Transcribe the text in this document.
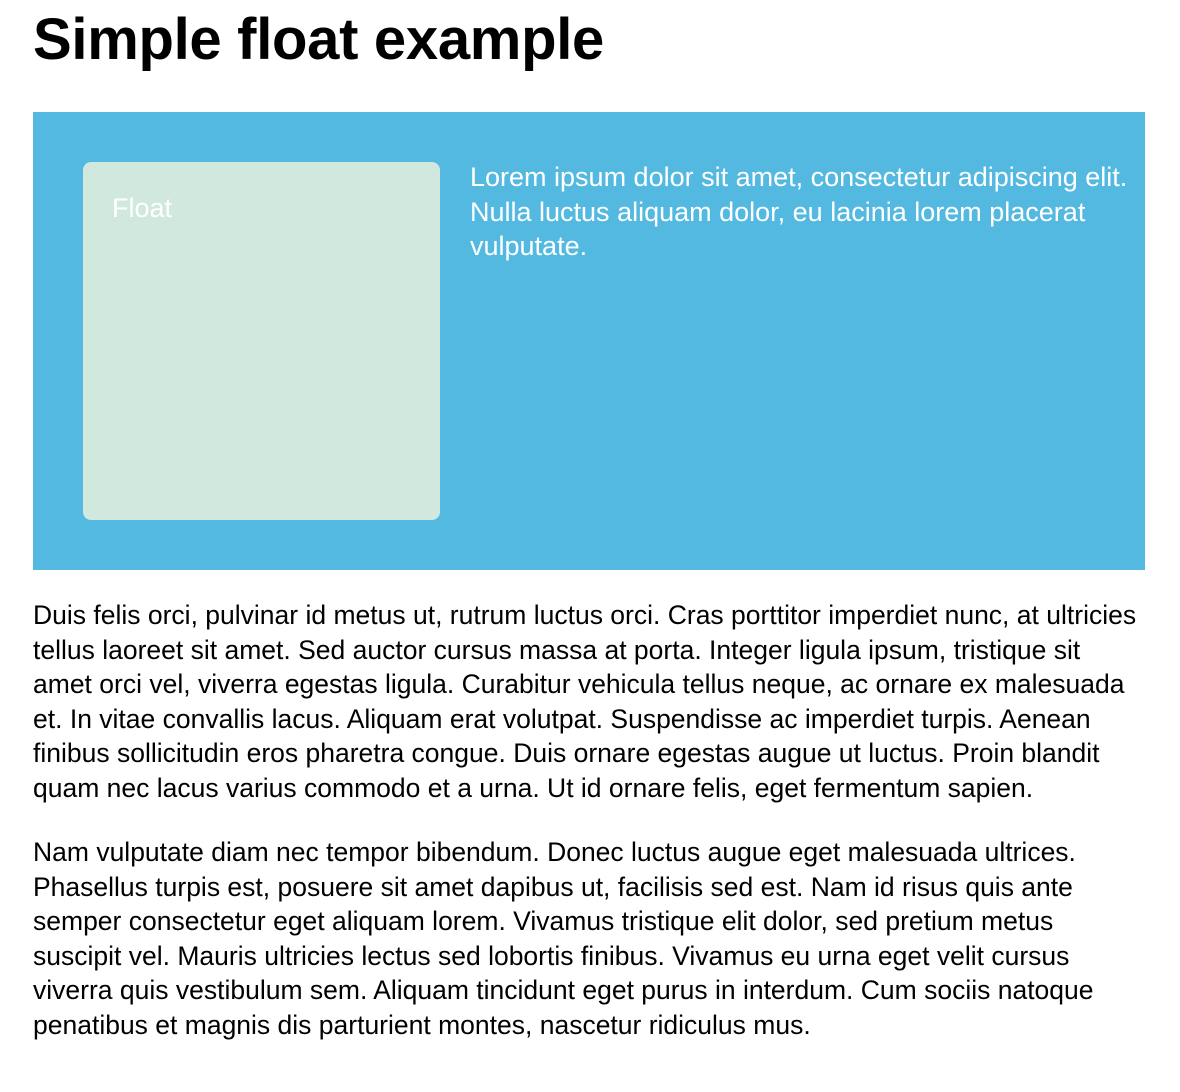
Simple float example
Float

Lorem ipsum dolor sit amet, consectetur adipiscing elit. Nulla luctus aliquam dolor, eu lacinia lorem placerat vulputate.

Duis felis orci, pulvinar id metus ut, rutrum luctus orci. Cras porttitor imperdiet nunc, at ultricies tellus laoreet sit amet. Sed auctor cursus massa at porta. Integer ligula ipsum, tristique sit amet orci vel, viverra egestas ligula. Curabitur vehicula tellus neque, ac ornare ex malesuada et. In vitae convallis lacus. Aliquam erat volutpat. Suspendisse ac imperdiet turpis. Aenean finibus sollicitudin eros pharetra congue. Duis ornare egestas augue ut luctus. Proin blandit quam nec lacus varius commodo et a urna. Ut id ornare felis, eget fermentum sapien.

Nam vulputate diam nec tempor bibendum. Donec luctus augue eget malesuada ultrices. Phasellus turpis est, posuere sit amet dapibus ut, facilisis sed est. Nam id risus quis ante semper consectetur eget aliquam lorem. Vivamus tristique elit dolor, sed pretium metus suscipit vel. Mauris ultricies lectus sed lobortis finibus. Vivamus eu urna eget velit cursus viverra quis vestibulum sem. Aliquam tincidunt eget purus in interdum. Cum sociis natoque penatibus et magnis dis parturient montes, nascetur ridiculus mus.
